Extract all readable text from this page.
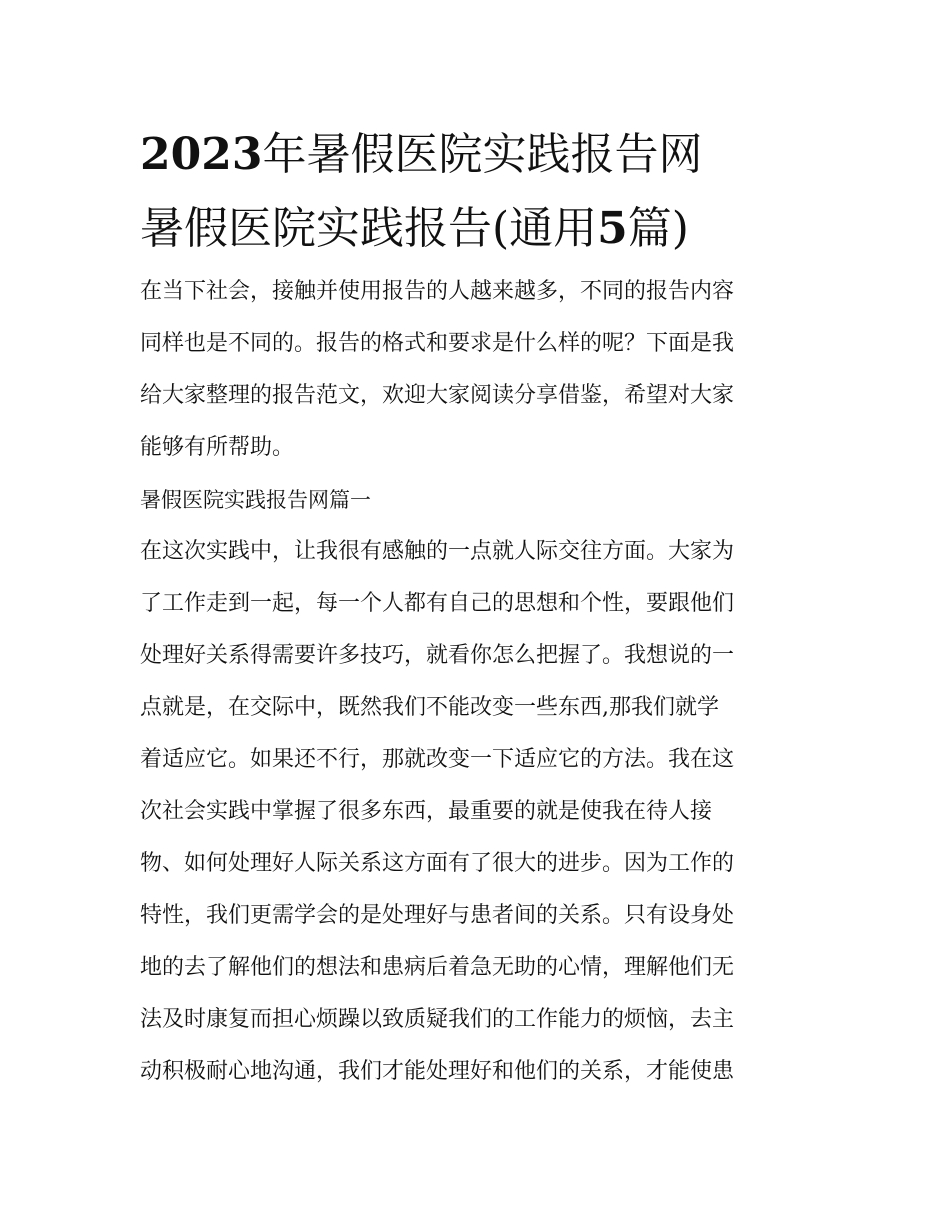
2023年暑假医院实践报告网
暑假医院实践报告(通用5篇)
在当下社会，接触并使用报告的人越来越多，不同的报告内容
同样也是不同的。报告的格式和要求是什么样的呢？下面是我
给大家整理的报告范文，欢迎大家阅读分享借鉴，希望对大家
能够有所帮助。
暑假医院实践报告网篇一
在这次实践中，让我很有感触的一点就人际交往方面。大家为
了工作走到一起，每一个人都有自己的思想和个性，要跟他们
处理好关系得需要许多技巧，就看你怎么把握了。我想说的一
点就是，在交际中，既然我们不能改变一些东西,那我们就学
着适应它。如果还不行，那就改变一下适应它的方法。我在这
次社会实践中掌握了很多东西，最重要的就是使我在待人接
物、如何处理好人际关系这方面有了很大的进步。因为工作的
特性，我们更需学会的是处理好与患者间的关系。只有设身处
地的去了解他们的想法和患病后着急无助的心情，理解他们无
法及时康复而担心烦躁以致质疑我们的工作能力的烦恼，去主
动积极耐心地沟通，我们才能处理好和他们的关系，才能使患
